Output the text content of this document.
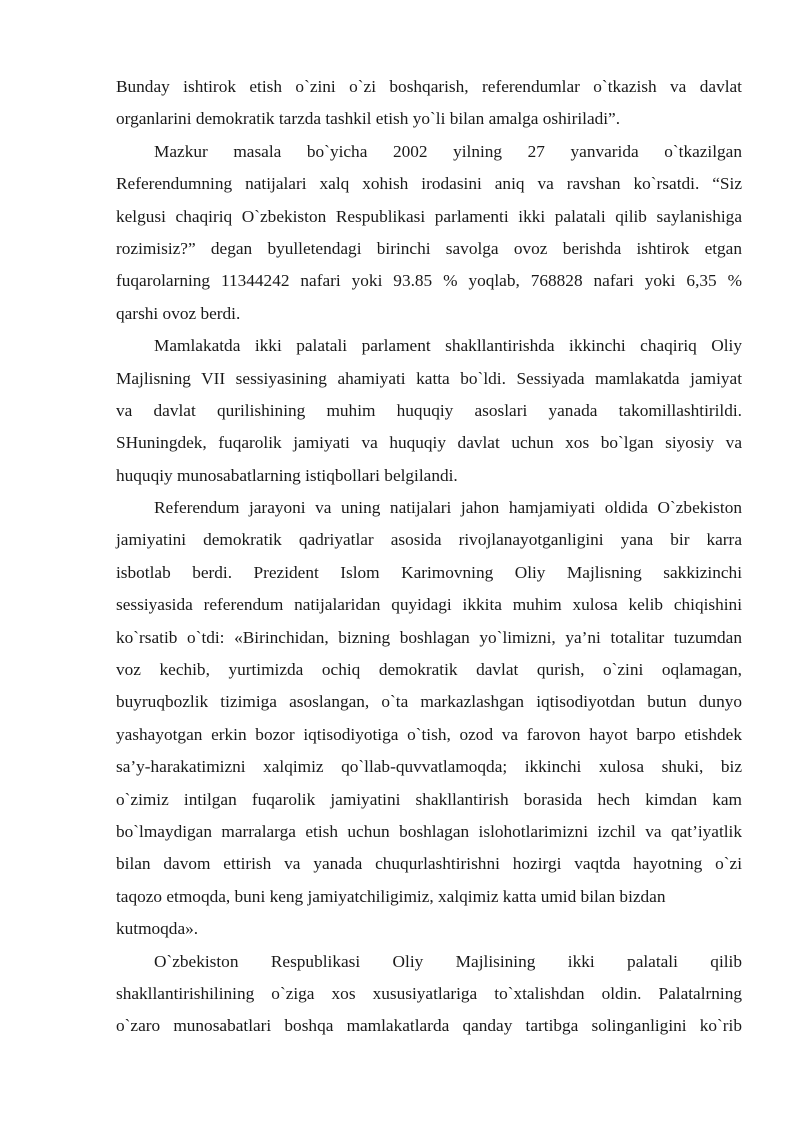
Bunday ishtirok etish o`zini o`zi boshqarish, referendumlar o`tkazish va davlat
organlarini demokratik tarzda tashkil etish yo`li bilan amalga oshiriladi”.
Mazkur masala bo`yicha 2002 yilning 27 yanvarida o`tkazilgan
Referendumning natijalari xalq xohish irodasini aniq va ravshan ko`rsatdi. “Siz
kelgusi chaqiriq O`zbekiston Respublikasi parlamenti ikki palatali qilib saylanishiga
rozimisiz?” degan byulletendagi birinchi savolga ovoz berishda ishtirok etgan
fuqarolarning 11344242 nafari yoki 93.85 % yoqlab, 768828 nafari yoki 6,35 %
qarshi ovoz berdi.
Mamlakatda ikki palatali parlament shakllantirishda ikkinchi chaqiriq Oliy
Majlisning VII sessiyasining ahamiyati katta bo`ldi. Sessiyada mamlakatda jamiyat
va davlat qurilishining muhim huquqiy asoslari yanada takomillashtirildi.
SHuningdek, fuqarolik jamiyati va huquqiy davlat uchun xos bo`lgan siyosiy va
huquqiy munosabatlarning istiqbollari belgilandi.
Referendum jarayoni va uning natijalari jahon hamjamiyati oldida O`zbekiston
jamiyatini demokratik qadriyatlar asosida rivojlanayotganligini yana bir karra
isbotlab berdi. Prezident Islom Karimovning Oliy Majlisning sakkizinchi
sessiyasida referendum natijalaridan quyidagi ikkita muhim xulosa kelib chiqishini
ko`rsatib o`tdi: «Birinchidan, bizning boshlagan yo`limizni, ya’ni totalitar tuzumdan
voz kechib, yurtimizda ochiq demokratik davlat qurish, o`zini oqlamagan,
buyruqbozlik tizimiga asoslangan, o`ta markazlashgan iqtisodiyotdan butun dunyo
yashayotgan erkin bozor iqtisodiyotiga o`tish, ozod va farovon hayot barpo etishdek
sa’y-harakatimizni xalqimiz qo`llab-quvvatlamoqda; ikkinchi xulosa shuki, biz
o`zimiz intilgan fuqarolik jamiyatini shakllantirish borasida hech kimdan kam
bo`lmaydigan marralarga etish uchun boshlagan islohotlarimizni izchil va qat’iyatlik
bilan davom ettirish va yanada chuqurlashtirishni hozirgi vaqtda hayotning o`zi
taqozo etmoqda, buni keng jamiyatchiligimiz, xalqimiz katta umid bilan bizdan
kutmoqda».
O`zbekiston Respublikasi Oliy Majlisining ikki palatali qilib
shakllantirishilining o`ziga xos xususiyatlariga to`xtalishdan oldin. Palatalrning
o`zaro munosabatlari boshqa mamlakatlarda qanday tartibga solinganligini ko`rib
